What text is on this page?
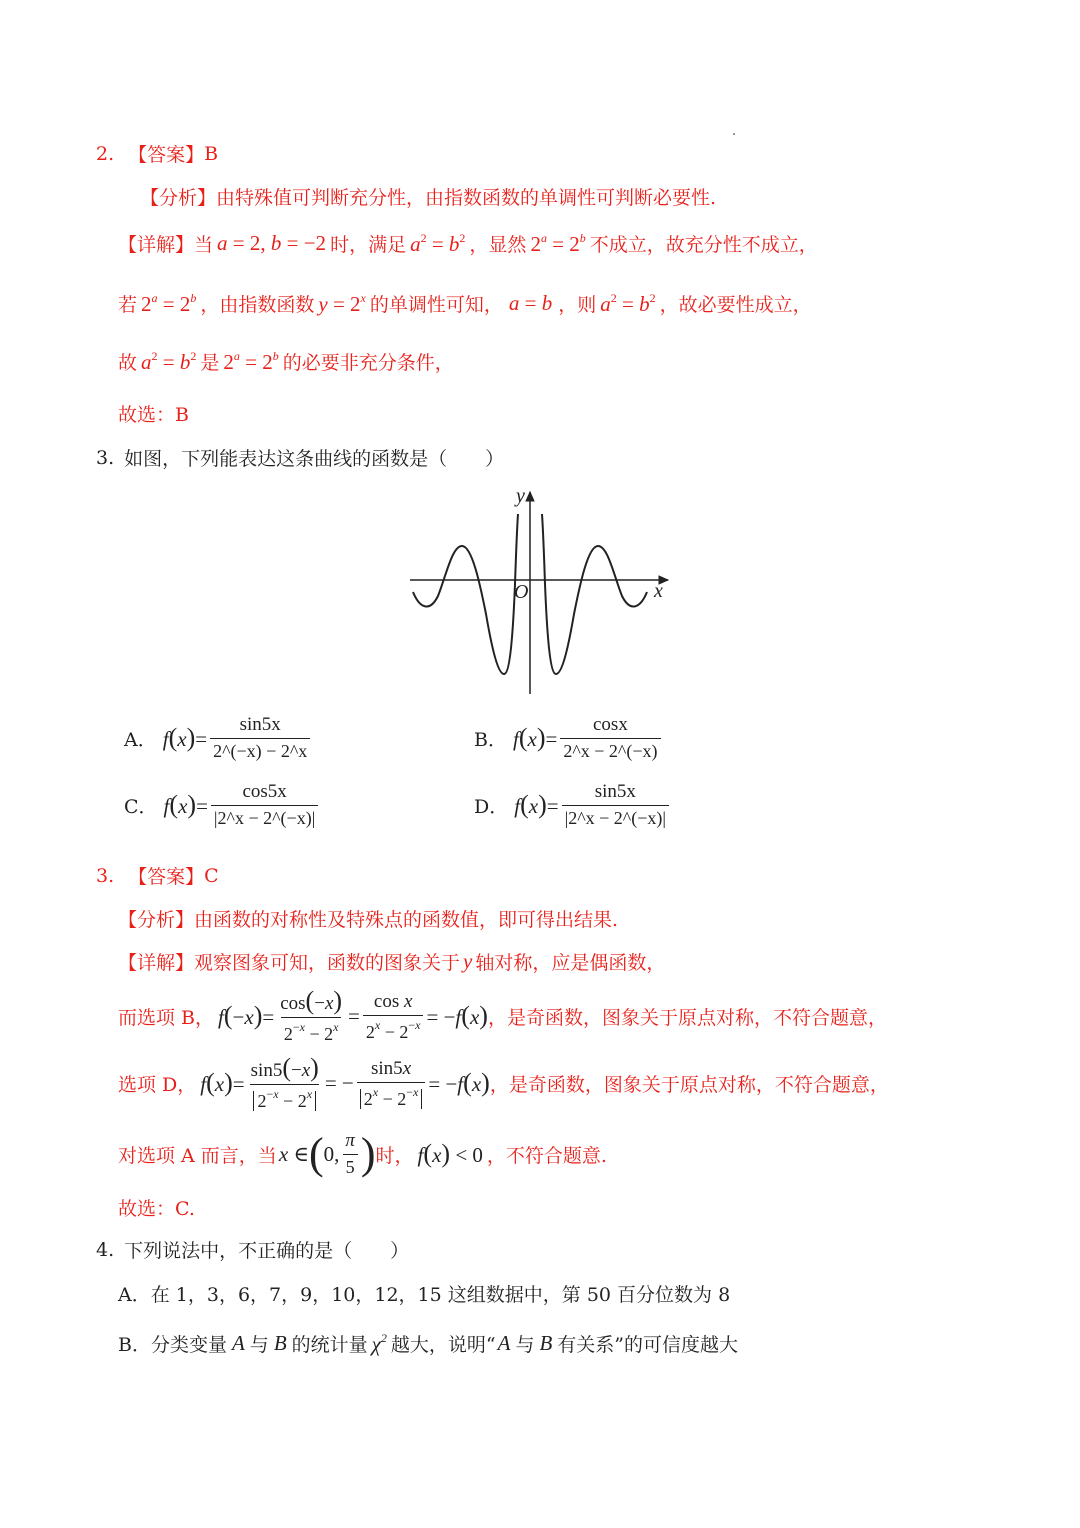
2. 【答案】 B
【分析】 由特殊值可判断充分性，由指数函数的单调性可判断必要性.
【详解】 当 a = 2, b = −2 时，满足 $a^2 = b^2$ ，显然 $2^a = 2^b$ 不成立，故充分性不成立，
若 $2^a = 2^b$ ，由指数函数 $y = 2^x$ 的单调性可知， a = b ，则 $a^2 = b^2$ ，故必要性成立，
故 $a^2 = b^2$ 是 $2^a = 2^b$ 的必要非充分条件，
故选：B
3. 如图，下列能表达这条曲线的函数是（　　）
y
x
O
A． $f(x)= \frac{\sin 5x}{2\^{}(-x) - 2\^{}x}$	B． $f(x)= \frac{\cos x}{2\^{}x - 2\^{}(-x)}$
C． $f(x)= \frac{\cos 5x}{|2\^{}x - 2\^{}(-x)|}$	D． $f(x)= \frac{\sin 5x}{|2\^{}x - 2\^{}(-x)|}$
3. 【答案】 C
【分析】 由函数的对称性及特殊点的函数值，即可得出结果.
【详解】 观察图象可知，函数的图象关于 y 轴对称，应是偶函数，
而选项 B， $f(-x)= \frac{\cos(-x)}{2^{-x} - 2^x} = \frac{\text{cos x}}{2^x - 2^{-x}} = -f(x)$ ，是奇函数，图象关于原点对称，不符合题意，
选项 D， $f(x)= \frac{\sin 5(-x)}{2^{-x} - 2^x}$ = − $\frac{\sin 5x}{2^x - 2^{-x}} = -f(x)$ ，是奇函数，图象关于原点对称，不符合题意，
对选项 A 而言，当 x ∈ ( 0, $\frac{\pi}{5}$ ) 时， f(x) < 0 ，不符合题意.
故选：C.
4. 下列说法中，不正确的是（　　）
A．在 1，3，6，7，9，10，12，15 这组数据中，第 50 百分位数为 8
B．分类变量 A 与 B 的统计量 $\chi^2$ 越大，说明“ A 与 B 有关系”的可信度越大
